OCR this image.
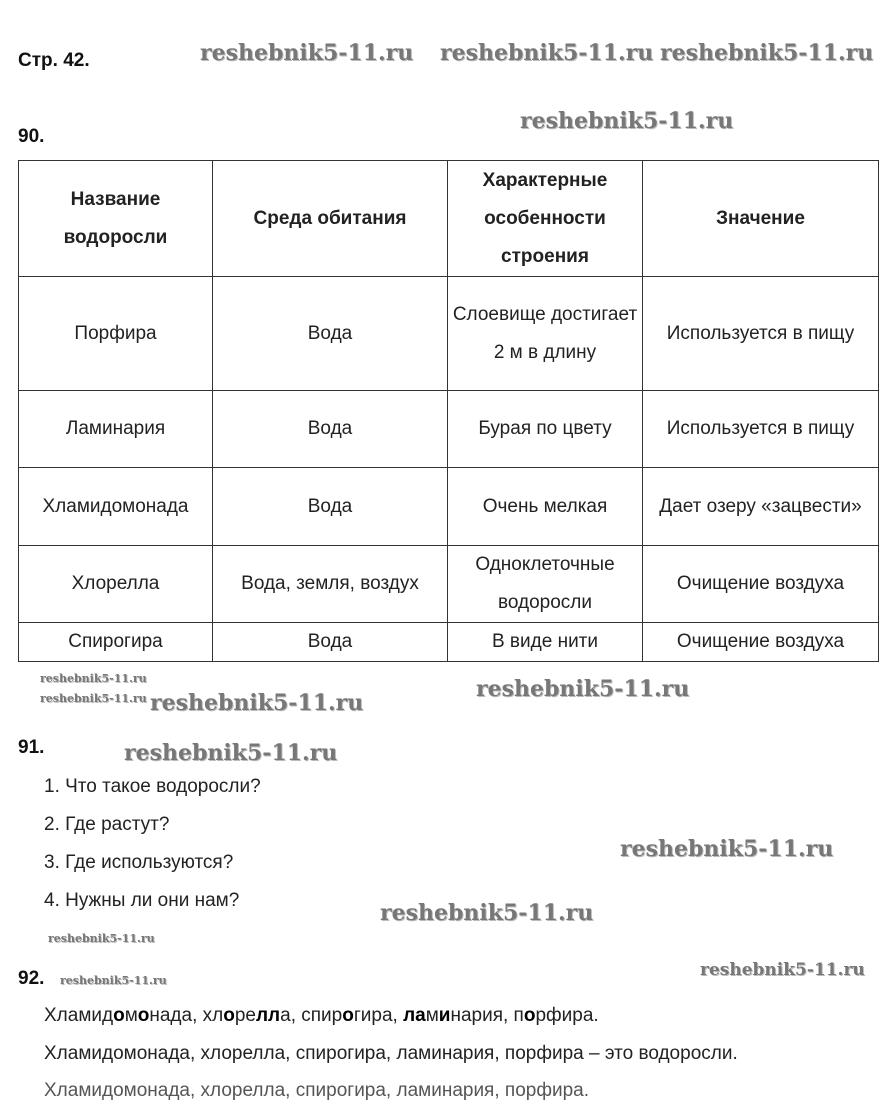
Стр. 42.
90.
Название водоросли	Среда обитания	Характерные особенности строения	Значение
Порфира	Вода	Слоевище достигает 2 м в длину	Используется в пищу
Ламинария	Вода	Бурая по цвету	Используется в пищу
Хламидомонада	Вода	Очень мелкая	Дает озеру «зацвести»
Хлорелла	Вода, земля, воздух	Одноклеточные водоросли	Очищение воздуха
Спирогира	Вода	В виде нити	Очищение воздуха
91.
1. Что такое водоросли?
2. Где растут?
3. Где используются?
4. Нужны ли они нам?
92.
Хламидомонадa, хлорелла, спирогира, ламинария, порфира.
Хламидомонада, хлорелла, спирогира, ламинария, порфира – это водоросли.
Хламидомонада, хлорелла, спирогира, ламинария, порфира.
reshebnik5-11.ru
reshebnik5-11.ru reshebnik5-11.ru reshebnik5-11.ru
reshebnik5-11.ru
reshebnik5-11.ru
reshebnik5-11.ru	reshebnik5-11.ru
reshebnik5-11.ru
reshebnik5-11.ru
reshebnik5-11.ru
reshebnik5-11.ru
reshebnik5-11.ru
reshebnik5-11.ru
